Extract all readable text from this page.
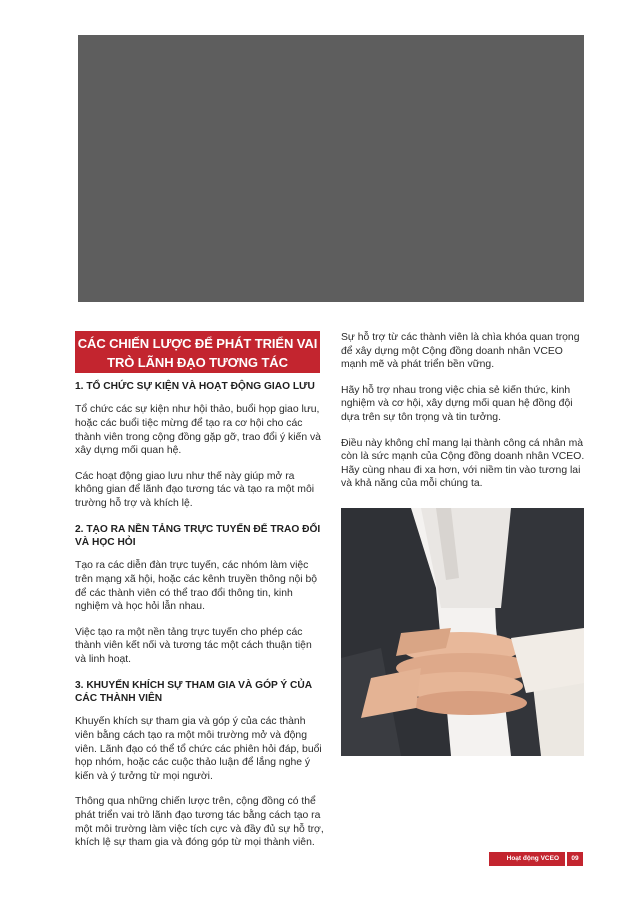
CÁC CHIẾN LƯỢC ĐỂ PHÁT TRIỂN VAI
TRÒ LÃNH ĐẠO TƯƠNG TÁC
1. TỔ CHỨC SỰ KIỆN VÀ HOẠT ĐỘNG GIAO LƯU

Tổ chức các sự kiện như hội thảo, buổi họp giao lưu, hoặc các buổi tiệc mừng để tạo ra cơ hội cho các thành viên trong cộng đồng gặp gỡ, trao đổi ý kiến và xây dựng mối quan hệ.

Các hoạt động giao lưu như thế này giúp mở ra không gian để lãnh đạo tương tác và tạo ra một môi trường hỗ trợ và khích lệ.

2. TẠO RA NỀN TẢNG TRỰC TUYẾN ĐỂ TRAO ĐỔI VÀ HỌC HỎI

Tạo ra các diễn đàn trực tuyến, các nhóm làm việc trên mạng xã hội, hoặc các kênh truyền thông nội bộ để các thành viên có thể trao đổi thông tin, kinh nghiệm và học hỏi lẫn nhau.

Việc tạo ra một nền tảng trực tuyến cho phép các thành viên kết nối và tương tác một cách thuận tiện và linh hoạt.

3. KHUYẾN KHÍCH SỰ THAM GIA VÀ GÓP Ý CỦA CÁC THÀNH VIÊN

Khuyến khích sự tham gia và góp ý của các thành viên bằng cách tạo ra một môi trường mở và động viên. Lãnh đạo có thể tổ chức các phiên hỏi đáp, buổi họp nhóm, hoặc các cuộc thảo luận để lắng nghe ý kiến và ý tưởng từ mọi người.

Thông qua những chiến lược trên, cộng đồng có thể phát triển vai trò lãnh đạo tương tác bằng cách tạo ra một môi trường làm việc tích cực và đầy đủ sự hỗ trợ, khích lệ sự tham gia và đóng góp từ mọi thành viên.

Sự hỗ trợ từ các thành viên là chìa khóa quan trọng để xây dựng một Cộng đồng doanh nhân VCEO mạnh mẽ và phát triển bền vững.

Hãy hỗ trợ nhau trong việc chia sẻ kiến thức, kinh nghiệm và cơ hội, xây dựng mối quan hệ đồng đội dựa trên sự tôn trọng và tin tưởng.

Điều này không chỉ mang lại thành công cá nhân mà còn là sức mạnh của Cộng đồng doanh nhân VCEO. Hãy cùng nhau đi xa hơn, với niềm tin vào tương lai và khả năng của mỗi chúng ta.

Hoạt động VCEO	09
